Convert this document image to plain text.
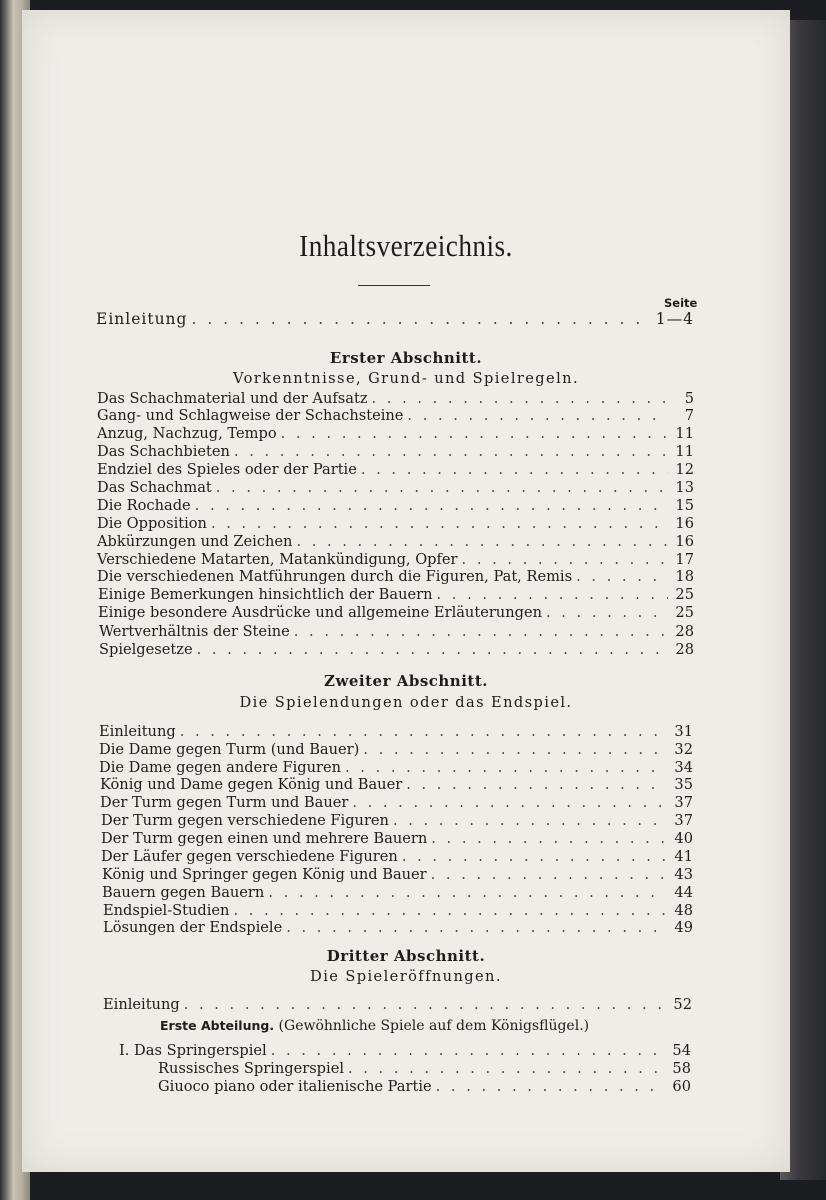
Inhaltsverzeichnis.
Seite
Einleitung . . .	1—4
Erster Abschnitt.
Vorkenntnisse, Grund- und Spielregeln.
Das Schachmaterial und der Aufsatz . . .	5
Gang- und Schlagweise der Schachsteine . . .	7
Anzug, Nachzug, Tempo . . .	11
Das Schachbieten . . .	11
Endziel des Spieles oder der Partie . . .	12
Das Schachmat . . .	13
Die Rochade . . .	15
Die Opposition . . .	16
Abkürzungen und Zeichen . . .	16
Verschiedene Matarten, Matankündigung, Opfer . . .	17
Die verschiedenen Matführungen durch die Figuren, Pat, Remis . . .	18
Einige Bemerkungen hinsichtlich der Bauern . . .	25
Einige besondere Ausdrücke und allgemeine Erläuterungen . . .	25
Wertverhältnis der Steine . . .	28
Spielgesetze . . .	28
Zweiter Abschnitt.
Die Spielendungen oder das Endspiel.
Einleitung . . .	31
Die Dame gegen Turm (und Bauer) . . .	32
Die Dame gegen andere Figuren . . .	34
König und Dame gegen König und Bauer . . .	35
Der Turm gegen Turm und Bauer . . .	37
Der Turm gegen verschiedene Figuren . . .	37
Der Turm gegen einen und mehrere Bauern . . .	40
Der Läufer gegen verschiedene Figuren . . .	41
König und Springer gegen König und Bauer . . .	43
Bauern gegen Bauern . . .	44
Endspiel-Studien . . .	48
Lösungen der Endspiele . . .	49
Dritter Abschnitt.
Die Spieleröffnungen.
Einleitung . . .	52
Erste Abteilung. (Gewöhnliche Spiele auf dem Königsflügel.)
I. Das Springerspiel . . .	54
Russisches Springerspiel . . .	58
Giuoco piano oder italienische Partie . . .	60
